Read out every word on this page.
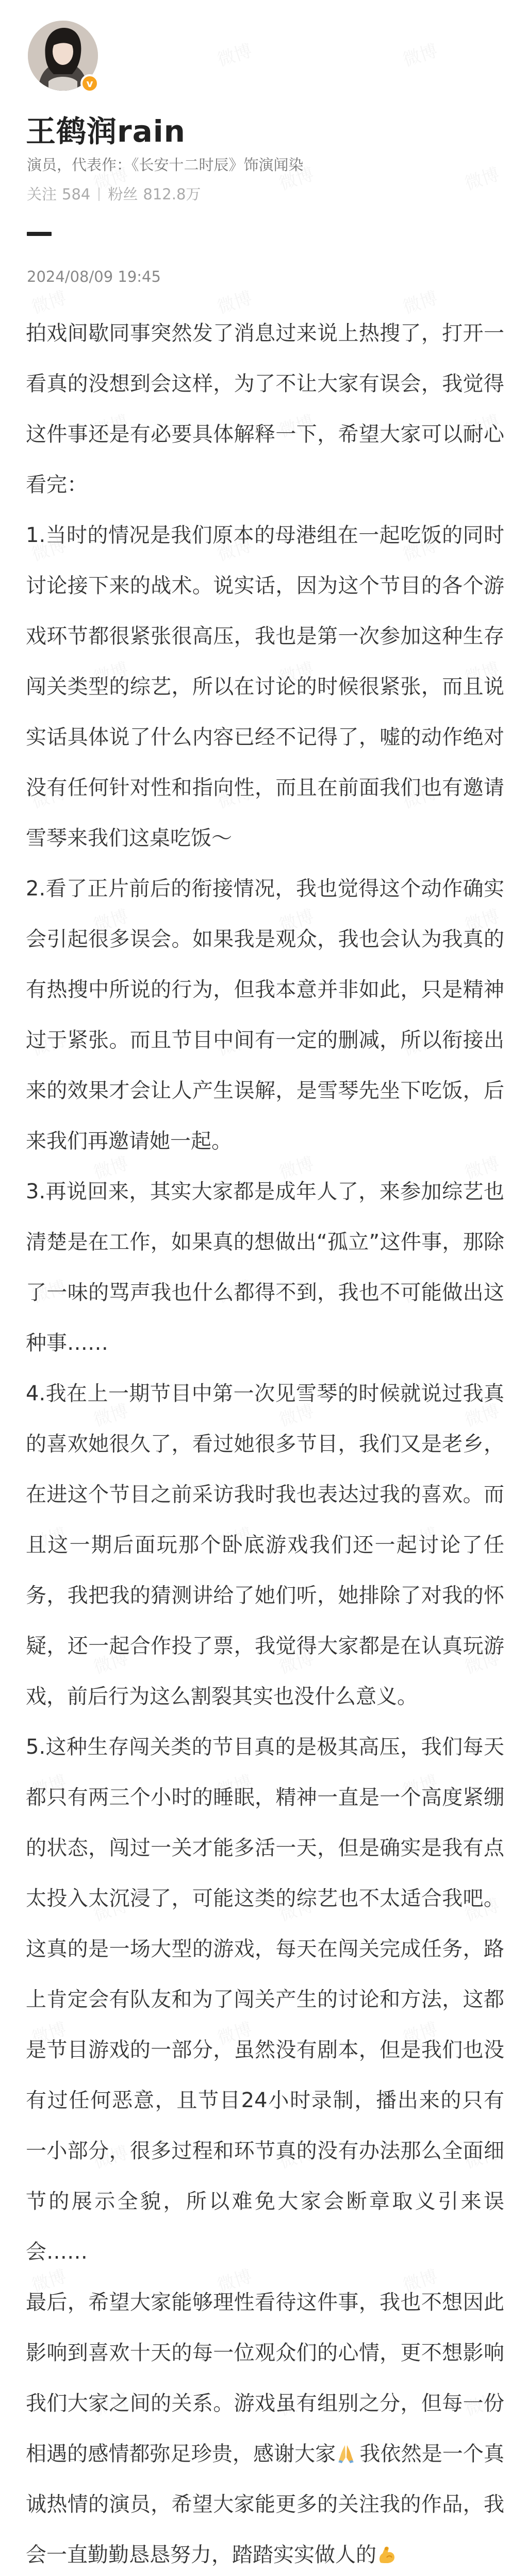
v
王鹤润rain
演员，代表作：《长安十二时辰》饰演闻染
关注 584 粉丝 812.8万
2024/08/09 19:45

拍戏间歇同事突然发了消息过来说上热搜了，打开一看真的没想到会这样，为了不让大家有误会，我觉得这件事还是有必要具体解释一下，希望大家可以耐心看完：

1.当时的情况是我们原本的母港组在一起吃饭的同时讨论接下来的战术。说实话，因为这个节目的各个游戏环节都很紧张很高压，我也是第一次参加这种生存闯关类型的综艺，所以在讨论的时候很紧张，而且说实话具体说了什么内容已经不记得了，嘘的动作绝对没有任何针对性和指向性，而且在前面我们也有邀请雪琴来我们这桌吃饭～

2.看了正片前后的衔接情况，我也觉得这个动作确实会引起很多误会。如果我是观众，我也会认为我真的有热搜中所说的行为，但我本意并非如此，只是精神过于紧张。而且节目中间有一定的删减，所以衔接出来的效果才会让人产生误解，是雪琴先坐下吃饭，后来我们再邀请她一起。

3.再说回来，其实大家都是成年人了，来参加综艺也清楚是在工作，如果真的想做出“孤立”这件事，那除了一味的骂声我也什么都得不到，我也不可能做出这种事……

4.我在上一期节目中第一次见雪琴的时候就说过我真的喜欢她很久了，看过她很多节目，我们又是老乡，在进这个节目之前采访我时我也表达过我的喜欢。而且这一期后面玩那个卧底游戏我们还一起讨论了任务，我把我的猜测讲给了她们听，她排除了对我的怀疑，还一起合作投了票，我觉得大家都是在认真玩游戏，前后行为这么割裂其实也没什么意义。

5.这种生存闯关类的节目真的是极其高压，我们每天都只有两三个小时的睡眠，精神一直是一个高度紧绷的状态，闯过一关才能多活一天，但是确实是我有点太投入太沉浸了，可能这类的综艺也不太适合我吧。这真的是一场大型的游戏，每天在闯关完成任务，路上肯定会有队友和为了闯关产生的讨论和方法，这都是节目游戏的一部分，虽然没有剧本，但是我们也没有过任何恶意，且节目24小时录制，播出来的只有一小部分，很多过程和环节真的没有办法那么全面细节的展示全貌，所以难免大家会断章取义引来误会……

最后，希望大家能够理性看待这件事，我也不想因此影响到喜欢十天的每一位观众们的心情，更不想影响我们大家之间的关系。游戏虽有组别之分，但每一份相遇的感情都弥足珍贵，感谢大家 我依然是一个真诚热情的演员，希望大家能更多的关注我的作品，我会一直勤勤恳恳努力，踏踏实实做人的
